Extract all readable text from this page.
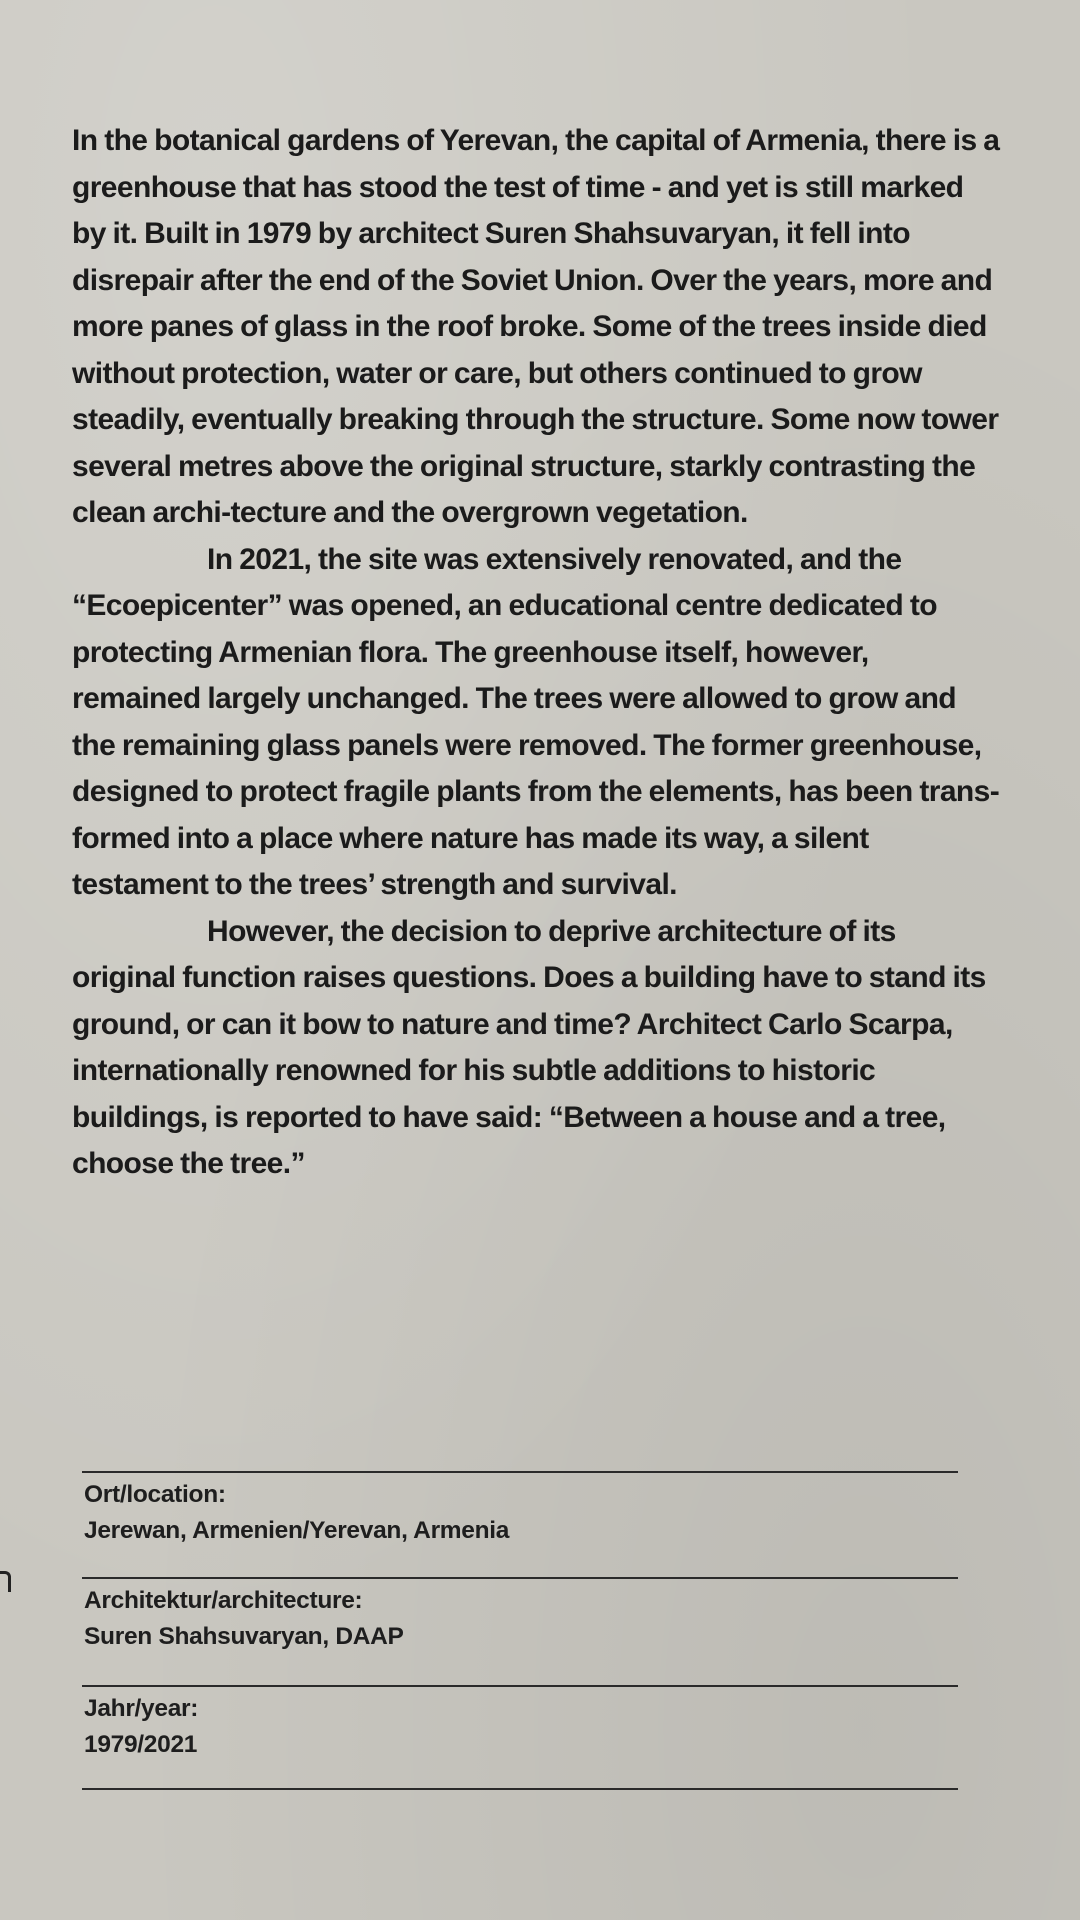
In the botanical gardens of Yerevan, the capital of Armenia, there is a greenhouse that has stood the test of time - and yet is still marked by it. Built in 1979 by architect Suren Shahsuvaryan, it fell into disrepair after the end of the Soviet Union. Over the years, more and more panes of glass in the roof broke. Some of the trees inside died without protection, water or care, but others continued to grow steadily, eventually breaking through the structure. Some now tower several metres above the original structure, starkly contrasting the clean archi-tecture and the overgrown vegetation.

In 2021, the site was extensively renovated, and the “Ecoepicenter” was opened, an educational centre dedicated to protecting Armenian flora. The greenhouse itself, however, remained largely unchanged. The trees were allowed to grow and the remaining glass panels were removed. The former greenhouse, designed to protect fragile plants from the elements, has been trans-formed into a place where nature has made its way, a silent testament to the trees’ strength and survival.

However, the decision to deprive architecture of its original function raises questions. Does a building have to stand its ground, or can it bow to nature and time? Architect Carlo Scarpa, internationally renowned for his subtle additions to historic buildings, is reported to have said: “Between a house and a tree, choose the tree.”

Ort/location:
Jerewan, Armenien/Yerevan, Armenia
Architektur/architecture:
Suren Shahsuvaryan, DAAP
Jahr/year:
1979/2021
